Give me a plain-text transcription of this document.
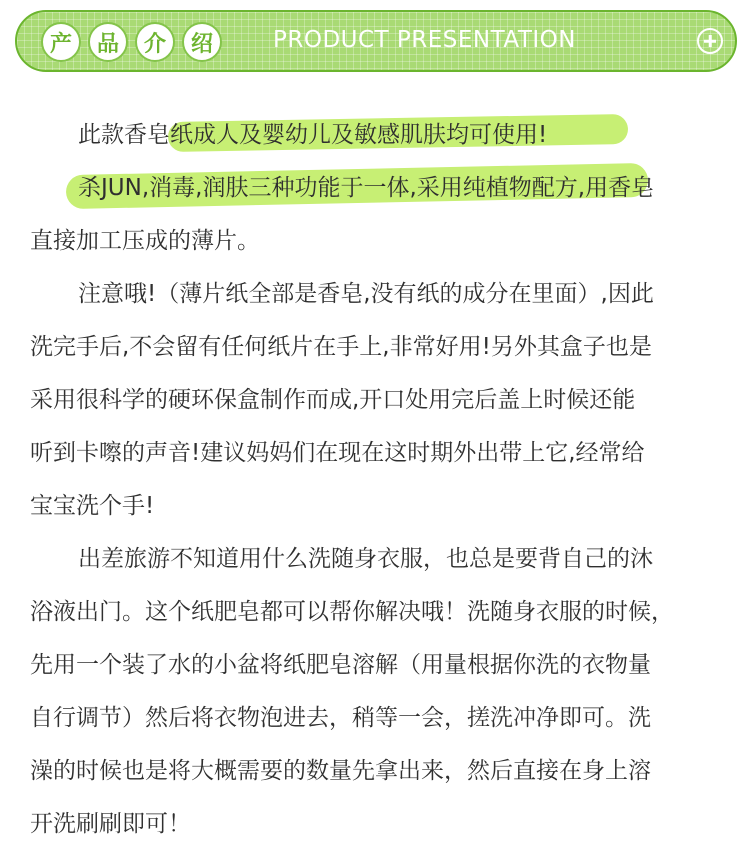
产	品	介	绍	PRODUCT PRESENTATION
此款香皂纸成人及婴幼儿及敏感肌肤均可使用!
杀JUN,消毒,润肤三种功能于一体,采用纯植物配方,用香皂
直接加工压成的薄片。
注意哦!（薄片纸全部是香皂,没有纸的成分在里面）,因此
洗完手后,不会留有任何纸片在手上,非常好用!另外其盒子也是
采用很科学的硬环保盒制作而成,开口处用完后盖上时候还能
听到卡嚓的声音!建议妈妈们在现在这时期外出带上它,经常给
宝宝洗个手!
出差旅游不知道用什么洗随身衣服，也总是要背自己的沐
浴液出门。这个纸肥皂都可以帮你解决哦！洗随身衣服的时候，
先用一个装了水的小盆将纸肥皂溶解（用量根据你洗的衣物量
自行调节）然后将衣物泡进去，稍等一会，搓洗冲净即可。洗
澡的时候也是将大概需要的数量先拿出来，然后直接在身上溶
开洗刷刷即可！
